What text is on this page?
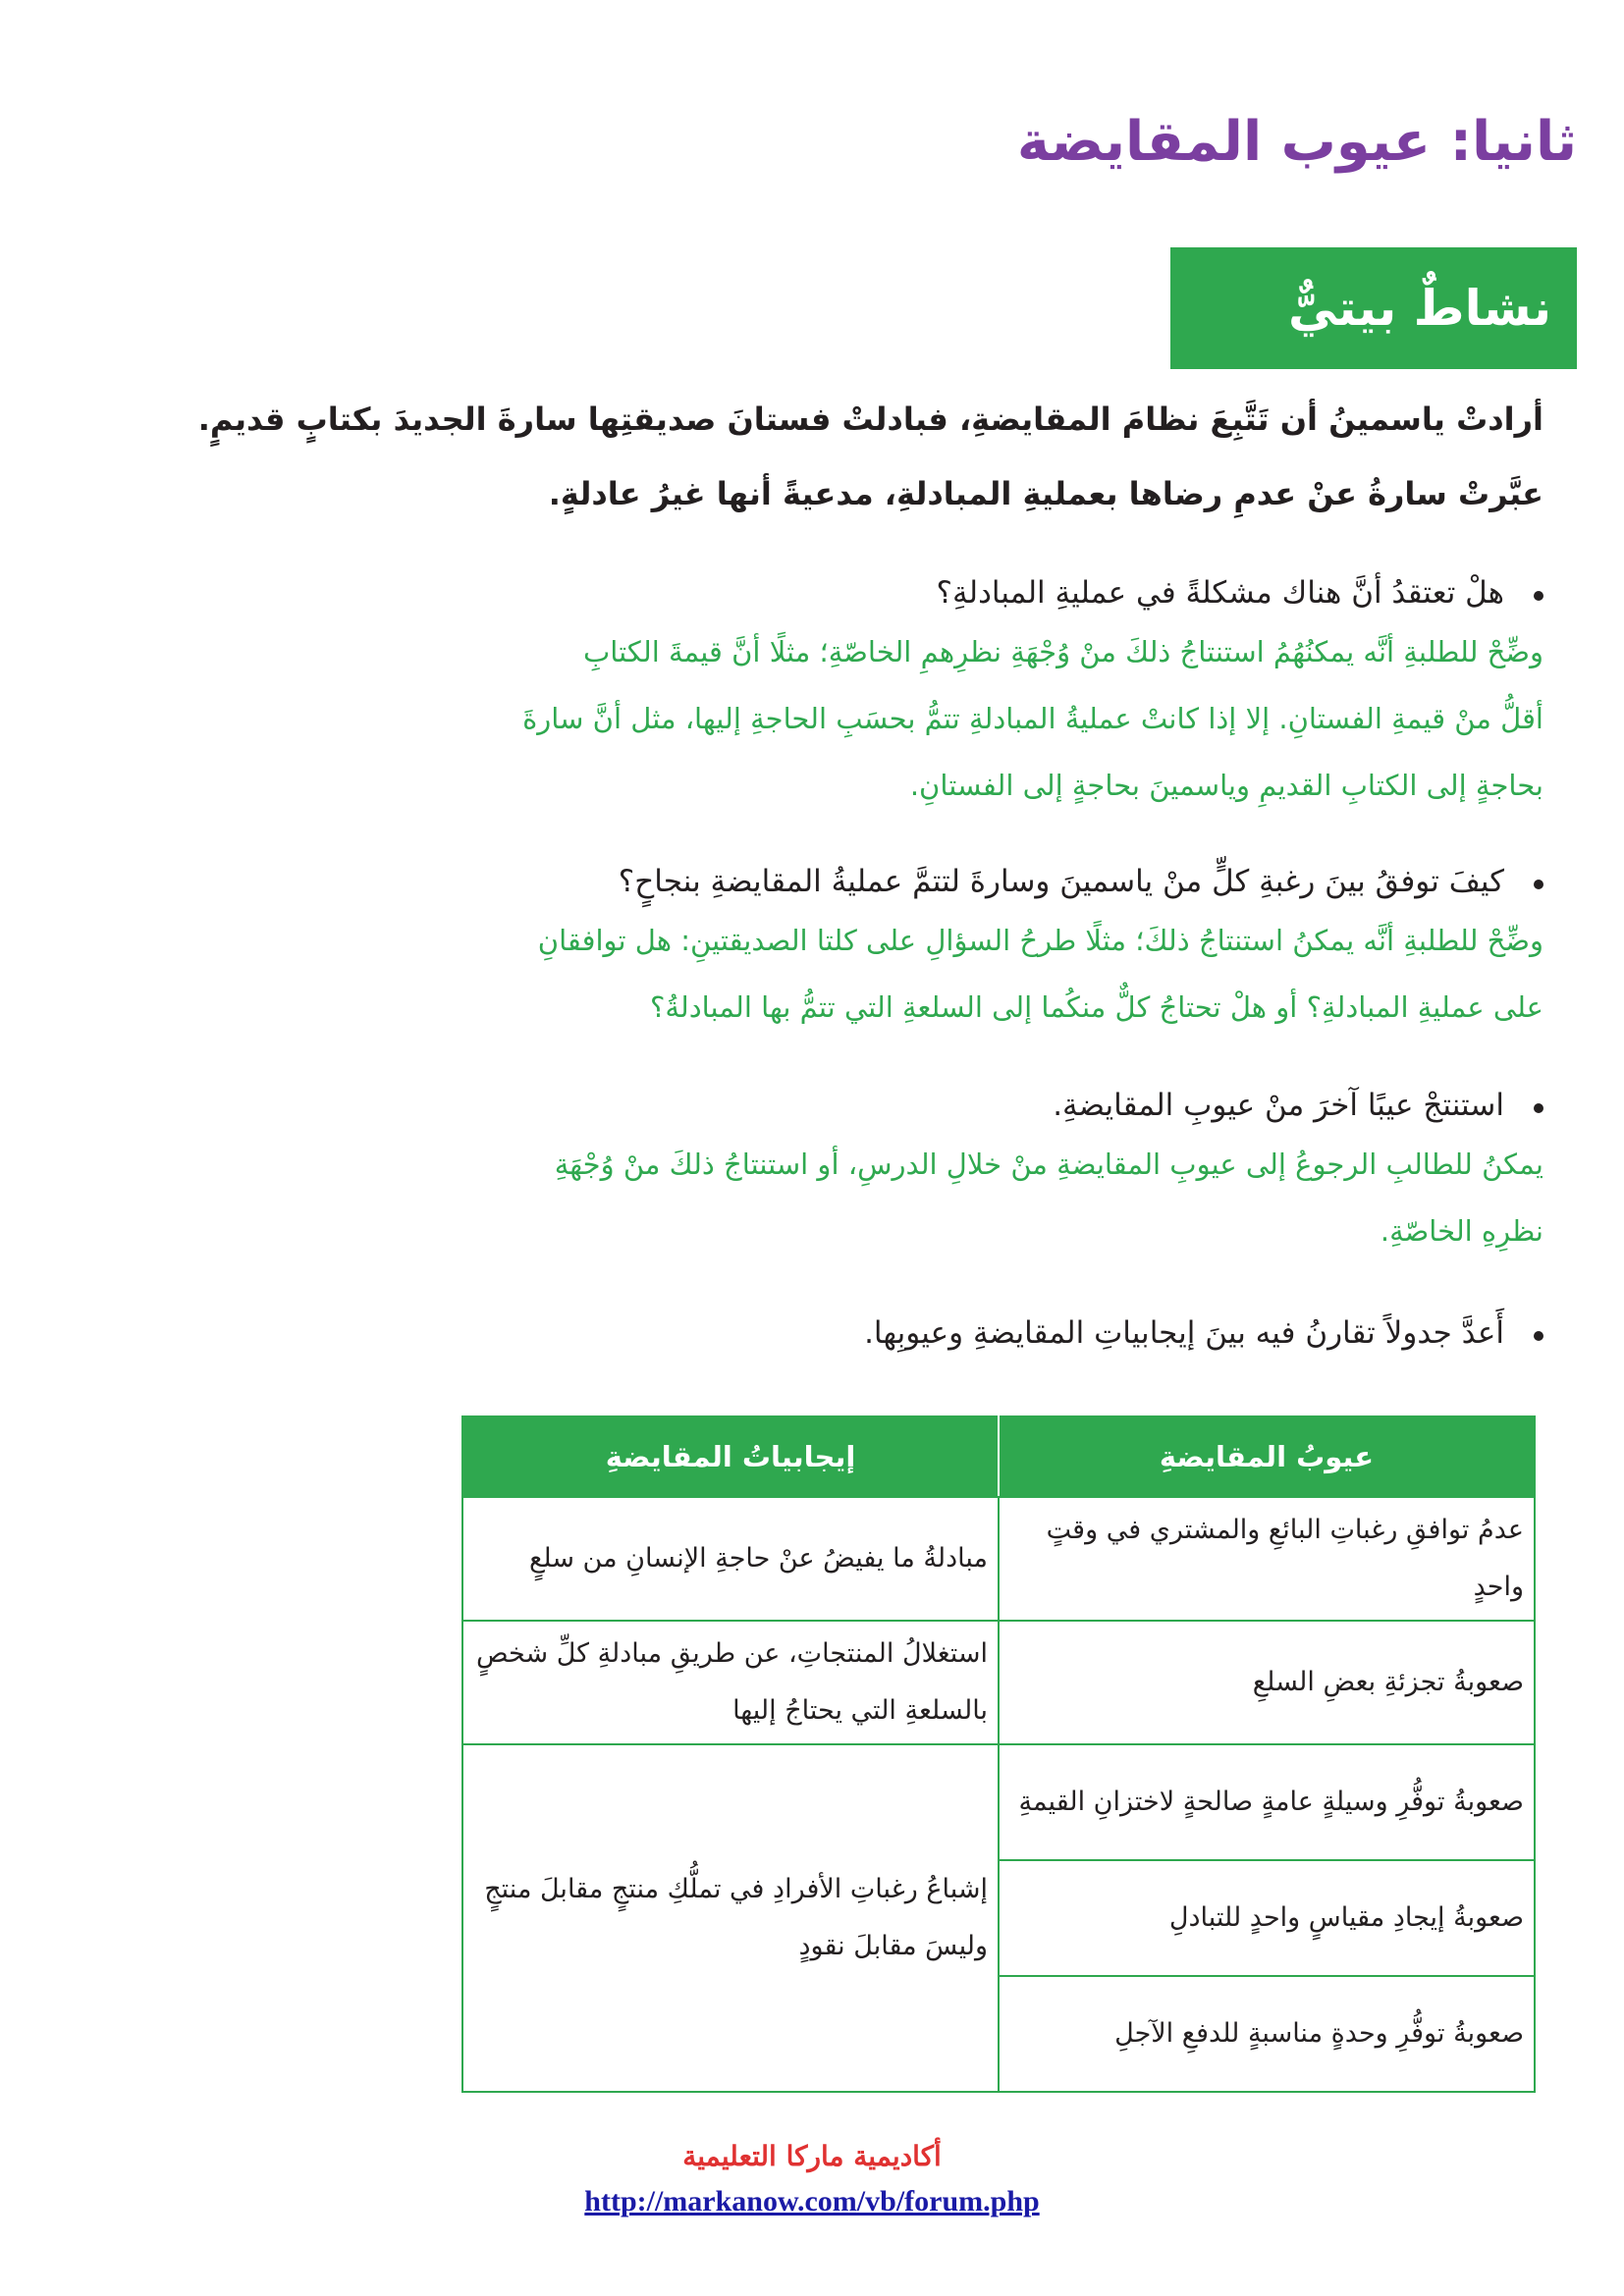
ثانيا: عيوب المقايضة
نشاطٌ بيتيٌّ

أرادتْ ياسمينُ أن تَتَّبِعَ نظامَ المقايضةِ، فبادلتْ فستانَ صديقتِها سارةَ الجديدَ بكتابٍ قديمٍ.

عبَّرتْ سارةُ عنْ عدمِ رضاها بعمليةِ المبادلةِ، مدعيةً أنها غيرُ عادلةٍ.

هلْ تعتقدُ أنَّ هناك مشكلةً في عمليةِ المبادلةِ؟

وضِّحْ للطلبةِ أنَّه يمكنُهُمُ استنتاجُ ذلكَ منْ وُجْهَةِ نظرِهمِ الخاصّةِ؛ مثلًا أنَّ قيمةَ الكتابِ
أقلُّ منْ قيمةِ الفستانِ. إلا إذا كانتْ عمليةُ المبادلةِ تتمُّ بحسَبِ الحاجةِ إليها، مثل أنَّ سارةَ
بحاجةٍ إلى الكتابِ القديمِ وياسمينَ بحاجةٍ إلى الفستانِ.

كيفَ توفقُ بينَ رغبةِ كلٍّ منْ ياسمينَ وسارةَ لتتمَّ عمليةُ المقايضةِ بنجاحٍ؟

وضِّحْ للطلبةِ أنَّه يمكنُ استنتاجُ ذلكَ؛ مثلًا طرحُ السؤالِ على كلتا الصديقتينِ: هل توافقانِ
على عمليةِ المبادلةِ؟ أو هلْ تحتاجُ كلٌّ منكُما إلى السلعةِ التي تتمُّ بها المبادلةُ؟

استنتجْ عيبًا آخرَ منْ عيوبِ المقايضةِ.

يمكنُ للطالبِ الرجوعُ إلى عيوبِ المقايضةِ منْ خلالِ الدرسِ، أو استنتاجُ ذلكَ منْ وُجْهَةِ
نظرِهِ الخاصّةِ.

أَعدَّ جدولاً تقارنُ فيه بينَ إيجابياتِ المقايضةِ وعيوبِها.

عيوبُ المقايضةِ	إيجابياتُ المقايضةِ
عدمُ توافقِ رغباتِ البائعِ والمشتري في وقتٍ واحدٍ	مبادلةُ ما يفيضُ عنْ حاجةِ الإنسانِ من سلعٍ
صعوبةُ تجزئةِ بعضِ السلعِ	استغلالُ المنتجاتِ، عن طريقِ مبادلةِ كلِّ شخصٍ بالسلعةِ التي يحتاجُ إليها
صعوبةُ توفُّرِ وسيلةٍ عامةٍ صالحةٍ لاختزانِ القيمةِ	إشباعُ رغباتِ الأفرادِ في تملُّكِ منتجٍ مقابلَ منتجٍ وليسَ مقابلَ نقودٍ
صعوبةُ إيجادِ مقياسٍ واحدٍ للتبادلِ	
صعوبةُ توفُّرِ وحدةٍ مناسبةٍ للدفعِ الآجلِ	

أكاديمية ماركا التعليمية

http://markanow.com/vb/forum.php
